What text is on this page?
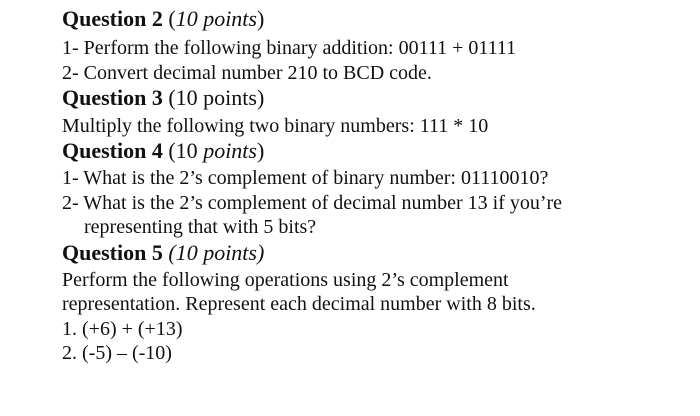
Question 2 (10 points)
1- Perform the following binary addition: 00111 + 01111
2- Convert decimal number 210 to BCD code.
Question 3 (10 points)
Multiply the following two binary numbers: 111 * 10
Question 4 (10 points)
1- What is the 2’s complement of binary number: 01110010?
2- What is the 2’s complement of decimal number 13 if you’re
representing that with 5 bits?
Question 5 (10 points)
Perform the following operations using 2’s complement
representation. Represent each decimal number with 8 bits.
1. (+6) + (+13)
2. (-5) – (-10)
